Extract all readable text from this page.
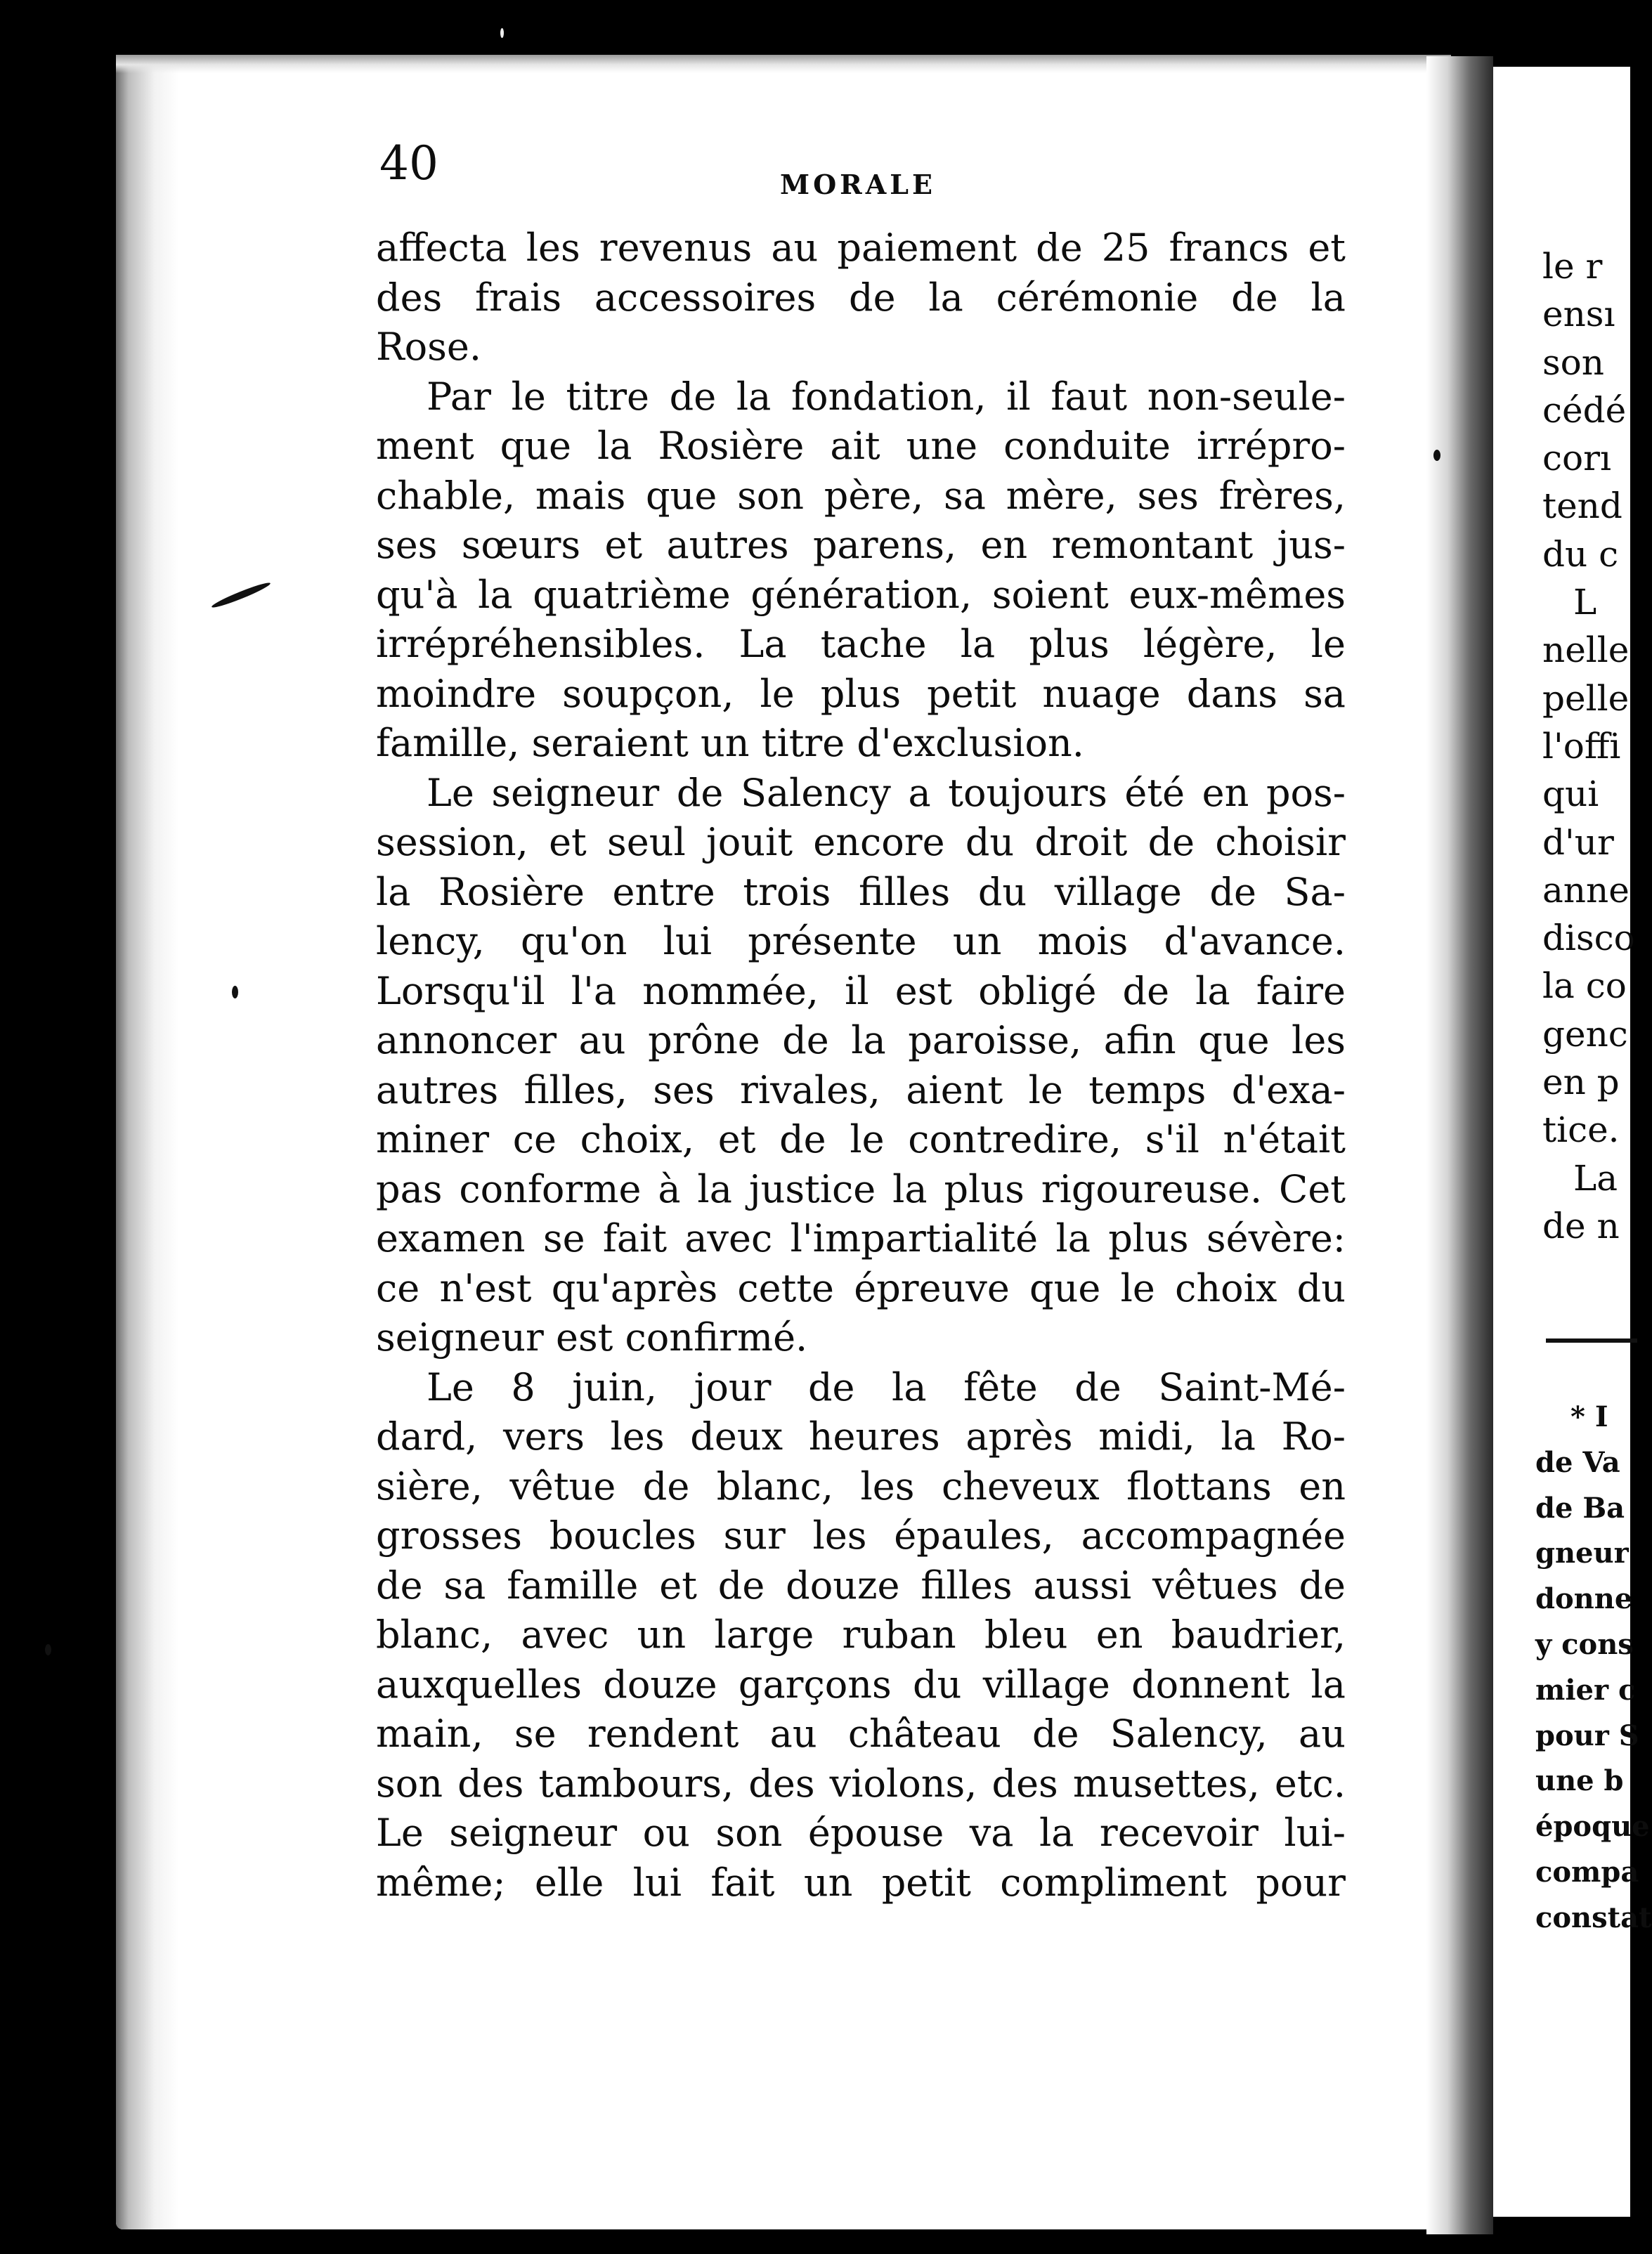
40	MORALE
affecta les revenus au paiement de 25 francs et
des frais accessoires de la cérémonie de la
Rose.
Par le titre de la fondation, il faut non-seule-
ment que la Rosière ait une conduite irrépro-
chable, mais que son père, sa mère, ses frères,
ses sœurs et autres parens, en remontant jus-
qu'à la quatrième génération, soient eux-mêmes
irrépréhensibles. La tache la plus légère, le
moindre soupçon, le plus petit nuage dans sa
famille, seraient un titre d'exclusion.
Le seigneur de Salency a toujours été en pos-
session, et seul jouit encore du droit de choisir
la Rosière entre trois filles du village de Sa-
lency, qu'on lui présente un mois d'avance.
Lorsqu'il l'a nommée, il est obligé de la faire
annoncer au prône de la paroisse, afin que les
autres filles, ses rivales, aient le temps d'exa-
miner ce choix, et de le contredire, s'il n'était
pas conforme à la justice la plus rigoureuse. Cet
examen se fait avec l'impartialité la plus sévère:
ce n'est qu'après cette épreuve que le choix du
seigneur est confirmé.
Le 8 juin, jour de la fête de Saint-Mé-
dard, vers les deux heures après midi, la Ro-
sière, vêtue de blanc, les cheveux flottans en
grosses boucles sur les épaules, accompagnée
de sa famille et de douze filles aussi vêtues de
blanc, avec un large ruban bleu en baudrier,
auxquelles douze garçons du village donnent la
main, se rendent au château de Salency, au
son des tambours, des violons, des musettes, etc.
Le seigneur ou son épouse va la recevoir lui-
même; elle lui fait un petit compliment pour
le r
ensı
son
cédé
corı
tend
du c
L
nelle
pelle
l'offi
qui
d'ur
anne
disco
la co
genc
en p
tice.
La
de n
* I
de Va
de Ba
gneur
donne
y cons
mier c
pour S
une b
époque
compa
constat
